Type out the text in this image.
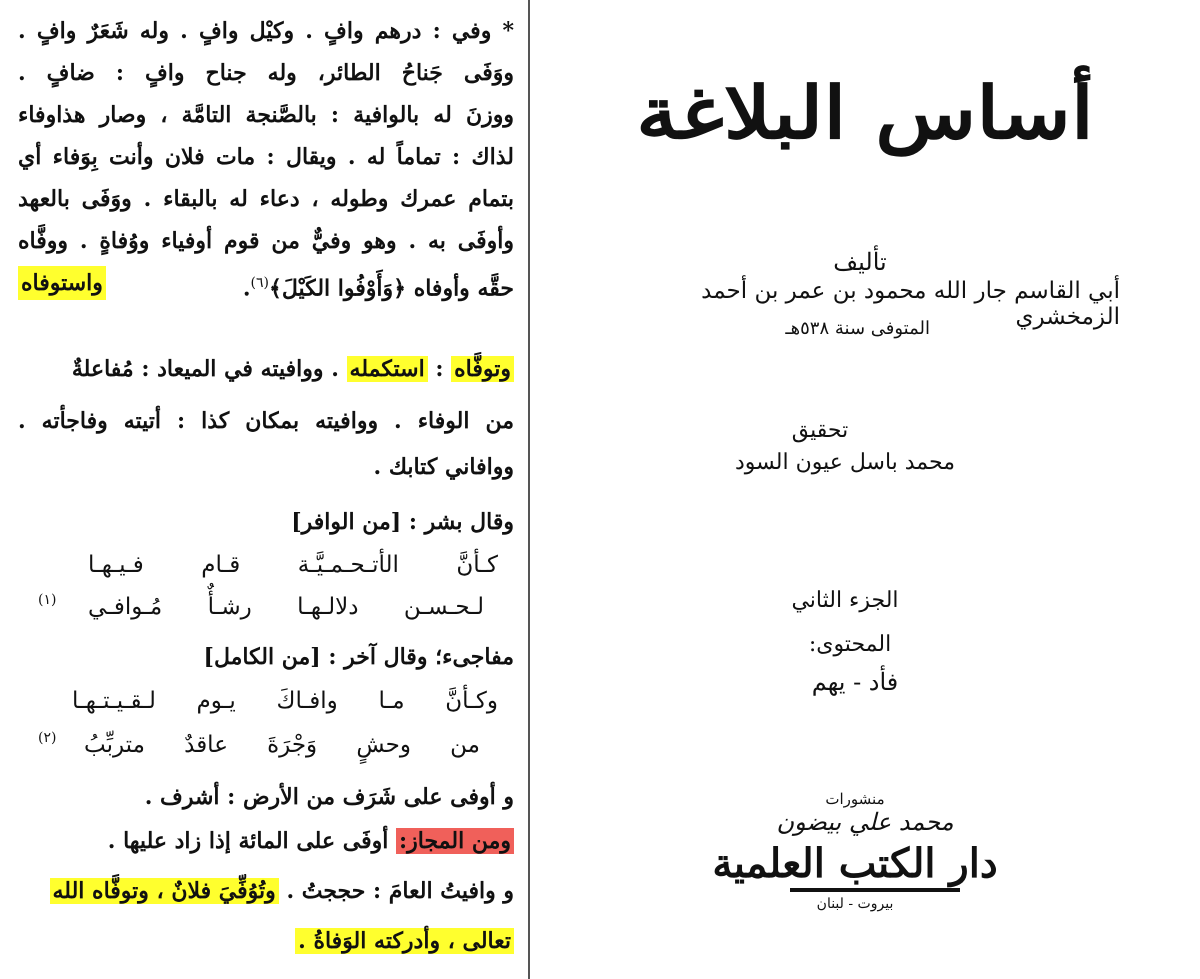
* وفي : درهم وافٍ . وكيْل وافٍ . وله شَعَرٌ وافٍ .
ووَفَى جَناحُ الطائر، وله جناح وافٍ : ضافٍ .
ووزنَ له بالوافية : بالصَّنجة التامَّة ، وصار هذاوفاء
لذاك : تماماً له . ويقال : مات فلان وأنت بِوَفاء أي
بتمام عمرك وطوله ، دعاء له بالبقاء . ووَفَى بالعهد
وأوفَى به . وهو وفيٌّ من قوم أوفياء ووُفاةٍ . ووفَّاه
حقَّه وأوفاه ﴿وَأَوْفُوا الكَيْلَ﴾$^{(٦)}$.
واستوفاه
وتوفَّاه : استكمله . ووافيته في الميعاد : مُفاعلةٌ
من الوفاء . ووافيته بمكان كذا : أتيته وفاجأته .
ووافاني كتابك .
وقال بشر : [من الوافر]
كـأنَّ الأتـحـمـيَّـة قـام فـيـهـا
لـحـسـن دلالـهـا رشـأٌ مُـوافـي
(١)
مفاجىء؛ وقال آخر : [من الكامل]
وكـأنَّ مـا وافـاكَ يـوم لـقـيـتـهـا
من وحشٍ وَجْرَةَ عاقدٌ متربِّبُ
(٢)
و أوفى على شَرَف من الأرض : أشرف .
ومن المجاز: أوفَى على المائة إذا زاد عليها .
و وافيتُ العامَ : حججتُ . وتُوُفِّيَ فلانٌ ، وتوفَّاه الله
تعالى ، وأدركته الوَفاةُ .
أساس البلاغة
تأليف
أبي القاسم جار الله محمود بن عمر بن أحمد الزمخشري
المتوفى سنة ٥٣٨هـ
تحقيق
محمد باسل عيون السود
الجزء الثاني
المحتوى:
فأد - يهم
منشورات
محمد علي بيضون
دار الكتب العلمية
بيروت - لبنان
